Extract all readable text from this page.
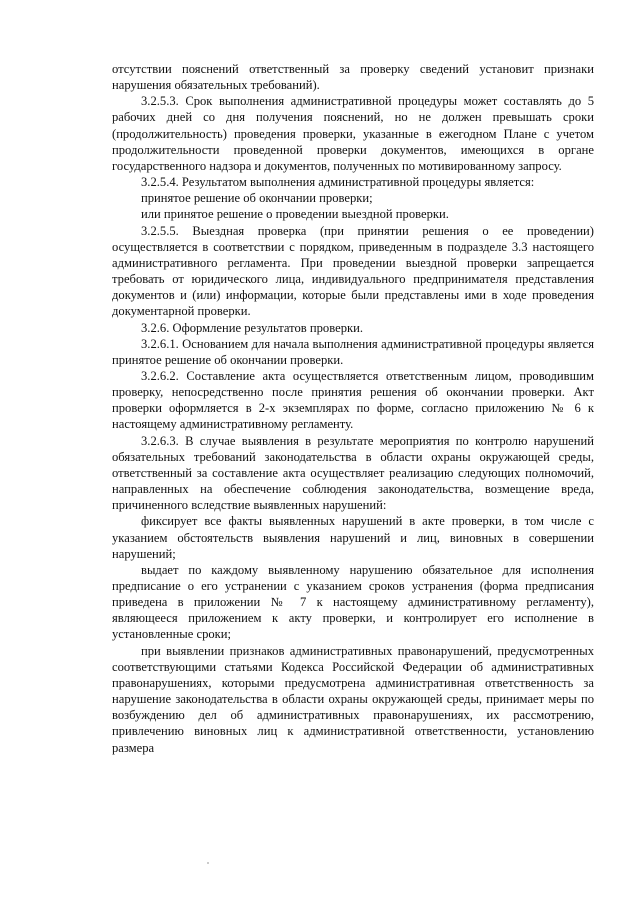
отсутствии пояснений ответственный за проверку сведений установит признаки нарушения обязательных требований).

3.2.5.3. Срок выполнения административной процедуры может составлять до 5 рабочих дней со дня получения пояснений, но не должен превышать сроки (продолжительность) проведения проверки, указанные в ежегодном Плане с учетом продолжительности проведенной проверки документов, имеющихся в органе государственного надзора и документов, полученных по мотивированному запросу.

3.2.5.4. Результатом выполнения административной процедуры является:

принятое решение об окончании проверки;

или принятое решение о проведении выездной проверки.

3.2.5.5. Выездная проверка (при принятии решения о ее проведении) осуществляется в соответствии с порядком, приведенным в подразделе 3.3 настоящего административного регламента. При проведении выездной проверки запрещается требовать от юридического лица, индивидуального предпринимателя представления документов и (или) информации, которые были представлены ими в ходе проведения документарной проверки.

3.2.6. Оформление результатов проверки.

3.2.6.1. Основанием для начала выполнения административной процедуры является принятое решение об окончании проверки.

3.2.6.2. Составление акта осуществляется ответственным лицом, проводившим проверку, непосредственно после принятия решения об окончании проверки. Акт проверки оформляется в 2-х экземплярах по форме, согласно приложению № 6 к настоящему административному регламенту.

3.2.6.3. В случае выявления в результате мероприятия по контролю нарушений обязательных требований законодательства в области охраны окружающей среды, ответственный за составление акта осуществляет реализацию следующих полномочий, направленных на обеспечение соблюдения законодательства, возмещение вреда, причиненного вследствие выявленных нарушений:

фиксирует все факты выявленных нарушений в акте проверки, в том числе с указанием обстоятельств выявления нарушений и лиц, виновных в совершении нарушений;

выдает по каждому выявленному нарушению обязательное для исполнения предписание о его устранении с указанием сроков устранения (форма предписания приведена в приложении № 7 к настоящему административному регламенту), являющееся приложением к акту проверки, и контролирует его исполнение в установленные сроки;

при выявлении признаков административных правонарушений, предусмотренных соответствующими статьями Кодекса Российской Федерации об административных правонарушениях, которыми предусмотрена административная ответственность за нарушение законодательства в области охраны окружающей среды, принимает меры по возбуждению дел об административных правонарушениях, их рассмотрению, привлечению виновных лиц к административной ответственности, установлению размера
